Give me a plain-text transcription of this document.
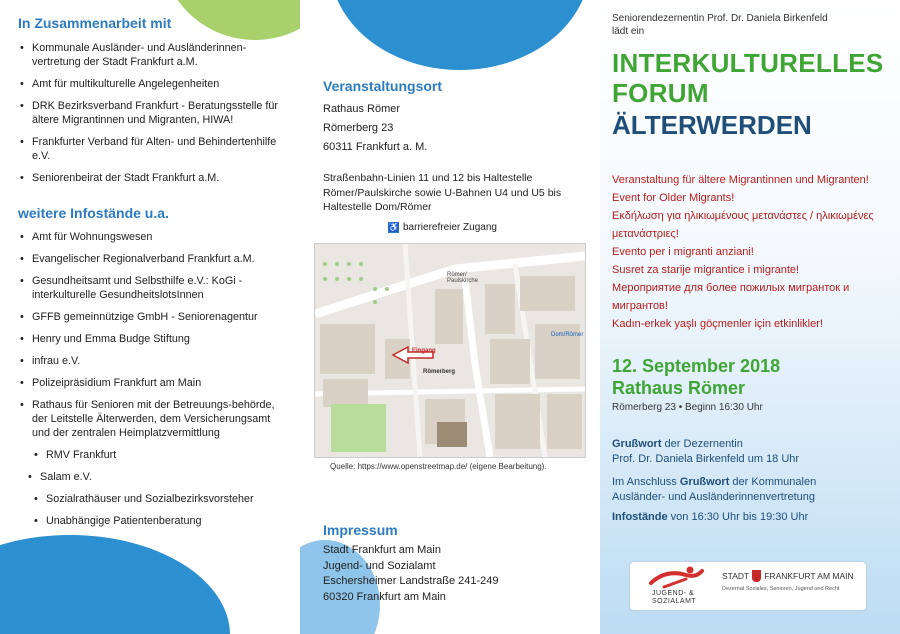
In Zusammenarbeit mit
• Kommunale Ausländer- und Ausländerinnen-vertretung der Stadt Frankfurt a.M.
• Amt für multikulturelle Angelegenheiten
• DRK Bezirksverband Frankfurt - Beratungsstelle für ältere Migrantinnen und Migranten, HIWA!
• Frankfurter Verband für Alten- und Behindertenhilfe e.V.
• Seniorenbeirat der Stadt Frankfurt a.M.
weitere Infostände u.a.
• Amt für Wohnungswesen
• Evangelischer Regionalverband Frankfurt a.M.
• Gesundheitsamt und Selbsthilfe e.V.: KoGi - interkulturelle GesundheitslotsInnen
• GFFB gemeinnützige GmbH - Seniorenagentur
• Henry und Emma Budge Stiftung
• infrau e.V.
• Polizeipräsidium Frankfurt am Main
• Rathaus für Senioren mit der Betreuungs-behörde, der Leitstelle Älterwerden, dem Versicherungsamt und der zentralen Heimplatzvermittlung
• RMV Frankfurt
• Salam e.V.
• Sozialrathäuser und Sozialbezirksvorsteher
• Unabhängige Patientenberatung
Veranstaltungsort
Rathaus Römer
Römerberg 23
60311 Frankfurt a. M.
Straßenbahn-Linien 11 und 12 bis Haltestelle Römer/Paulskirche sowie U-Bahnen U4 und U5 bis Haltestelle Dom/Römer
♿ barrierefreier Zugang
Römer/ Paulskirche
Dom/Römer
Eingang
Römerberg
Quelle: https://www.openstreetmap.de/ (eigene Bearbeitung).
Impressum
Stadt Frankfurt am Main
Jugend- und Sozialamt
Eschersheimer Landstraße 241-249
60320 Frankfurt am Main
Seniorendezernentin Prof. Dr. Daniela Birkenfeld
lädt ein
INTERKULTURELLES
FORUM
ÄLTERWERDEN
Veranstaltung für ältere Migrantinnen und Migranten!
Event for Older Migrants!
Εκδήλωση για ηλικιωμένους μετανάστες / ηλικιωμένες μετανάστριες!
Evento per i migranti anziani!
Susret za starije migrantice i migrante!
Мероприятие для более пожилых мигранток и мигрантов!
Kadın-erkek yaşlı göçmenler için etkinlikler!
12. September 2018
Rathaus Römer
Römerberg 23 • Beginn 16:30 Uhr
Grußwort der Dezernentin
Prof. Dr. Daniela Birkenfeld um 18 Uhr
Im Anschluss Grußwort der Kommunalen
Ausländer- und Ausländerinnenvertretung
Infostände von 16:30 Uhr bis 19:30 Uhr
JUGEND- &
SOZIALAMT
STADT FRANKFURT AM MAIN
Dezernat Soziales, Senioren, Jugend und Recht
